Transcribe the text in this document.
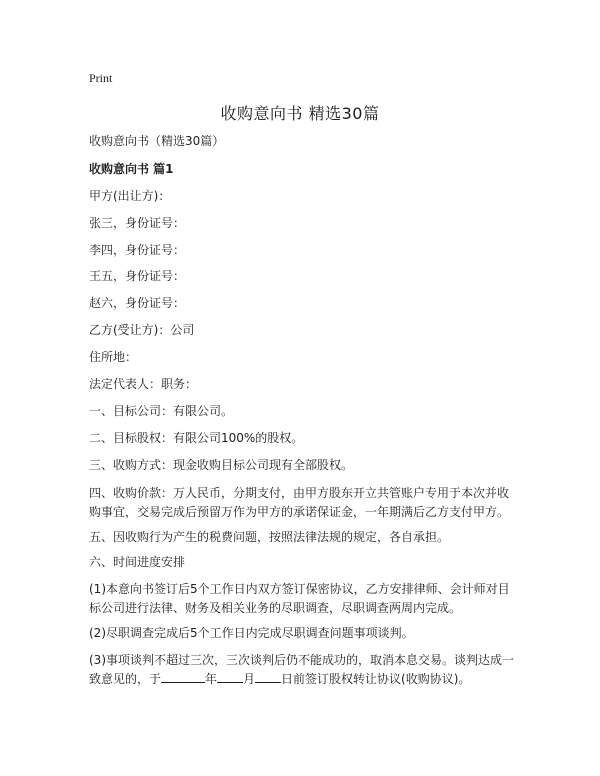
Print
收购意向书 精选30篇
收购意向书（精选30篇）
收购意向书 篇1
甲方(出让方)：
张三，身份证号：
李四，身份证号：
王五，身份证号：
赵六，身份证号：
乙方(受让方)：公司
住所地：
法定代表人：职务：
一、目标公司：有限公司。
二、目标股权：有限公司100%的股权。
三、收购方式：现金收购目标公司现有全部股权。
四、收购价款：万人民币，分期支付，由甲方股东开立共管账户专用于本次并收购事宜，交易完成后预留万作为甲方的承诺保证金，一年期满后乙方支付甲方。
五、因收购行为产生的税费问题，按照法律法规的规定，各自承担。
六、时间进度安排
(1)本意向书签订后5个工作日内双方签订保密协议，乙方安排律师、会计师对目标公司进行法律、财务及相关业务的尽职调查，尽职调查两周内完成。
(2)尽职调查完成后5个工作日内完成尽职调查问题事项谈判。
(3)事项谈判不超过三次，三次谈判后仍不能成功的，取消本息交易。谈判达成一致意见的，于	年 月 日前签订股权转让协议(收购协议)。
